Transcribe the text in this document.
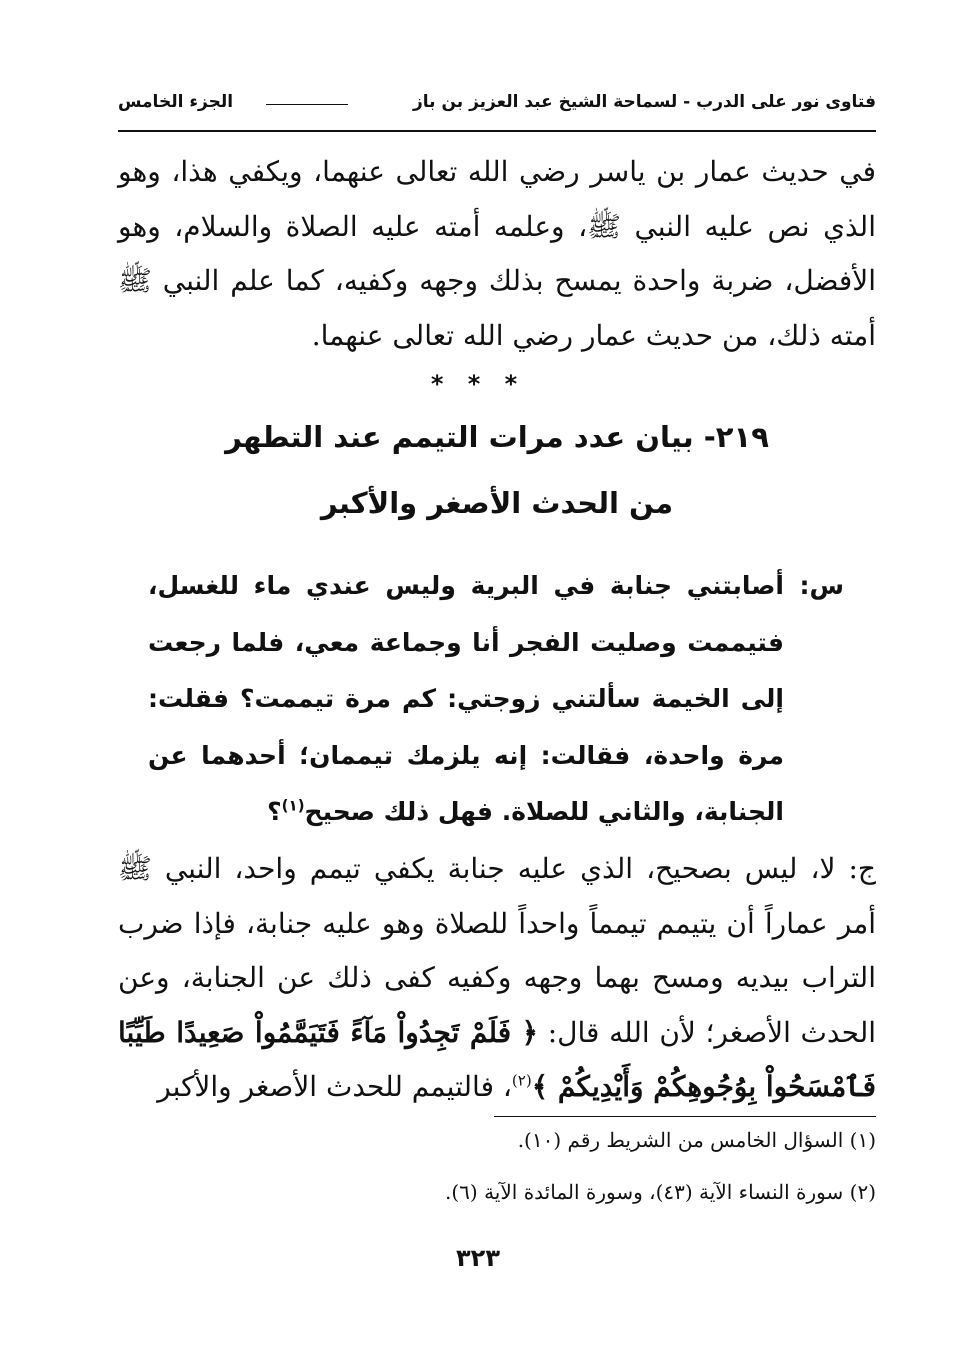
فتاوى نور على الدرب - لسماحة الشيخ عبد العزيز بن باز
الجزء الخامس
في حديث عمار بن ياسر رضي الله تعالى عنهما، ويكفي هذا، وهو الذي نص عليه النبي ﷺ، وعلمه أمته عليه الصلاة والسلام، وهو الأفضل، ضربة واحدة يمسح بذلك وجهه وكفيه، كما علم النبي ﷺ أمته ذلك، من حديث عمار رضي الله تعالى عنهما.
* * *
٢١٩- بيان عدد مرات التيمم عند التطهر
من الحدث الأصغر والأكبر
س:
أصابتني جنابة في البرية وليس عندي ماء للغسل، فتيممت وصليت الفجر أنا وجماعة معي، فلما رجعت إلى الخيمة سألتني زوجتي: كم مرة تيممت؟ فقلت: مرة واحدة، فقالت: إنه يلزمك تيممان؛ أحدهما عن الجنابة، والثاني للصلاة. فهل ذلك صحيح$^{(١)}$؟
ج: لا، ليس بصحيح، الذي عليه جنابة يكفي تيمم واحد، النبي ﷺ أمر عماراً أن يتيمم تيمماً واحداً للصلاة وهو عليه جنابة، فإذا ضرب التراب بيديه ومسح بهما وجهه وكفيه كفى ذلك عن الجنابة، وعن الحدث الأصغر؛ لأن الله قال: ﴿ فَلَمْ تَجِدُواْ مَآءً فَتَيَمَّمُواْ صَعِيدًا طَيِّبًا فَٱمْسَحُواْ بِوُجُوهِكُمْ وَأَيْدِيكُمْ ﴾$^{(٢)}$، فالتيمم للحدث الأصغر والأكبر
(١) السؤال الخامس من الشريط رقم (١٠).
(٢) سورة النساء الآية (٤٣)، وسورة المائدة الآية (٦).
٣٢٣
